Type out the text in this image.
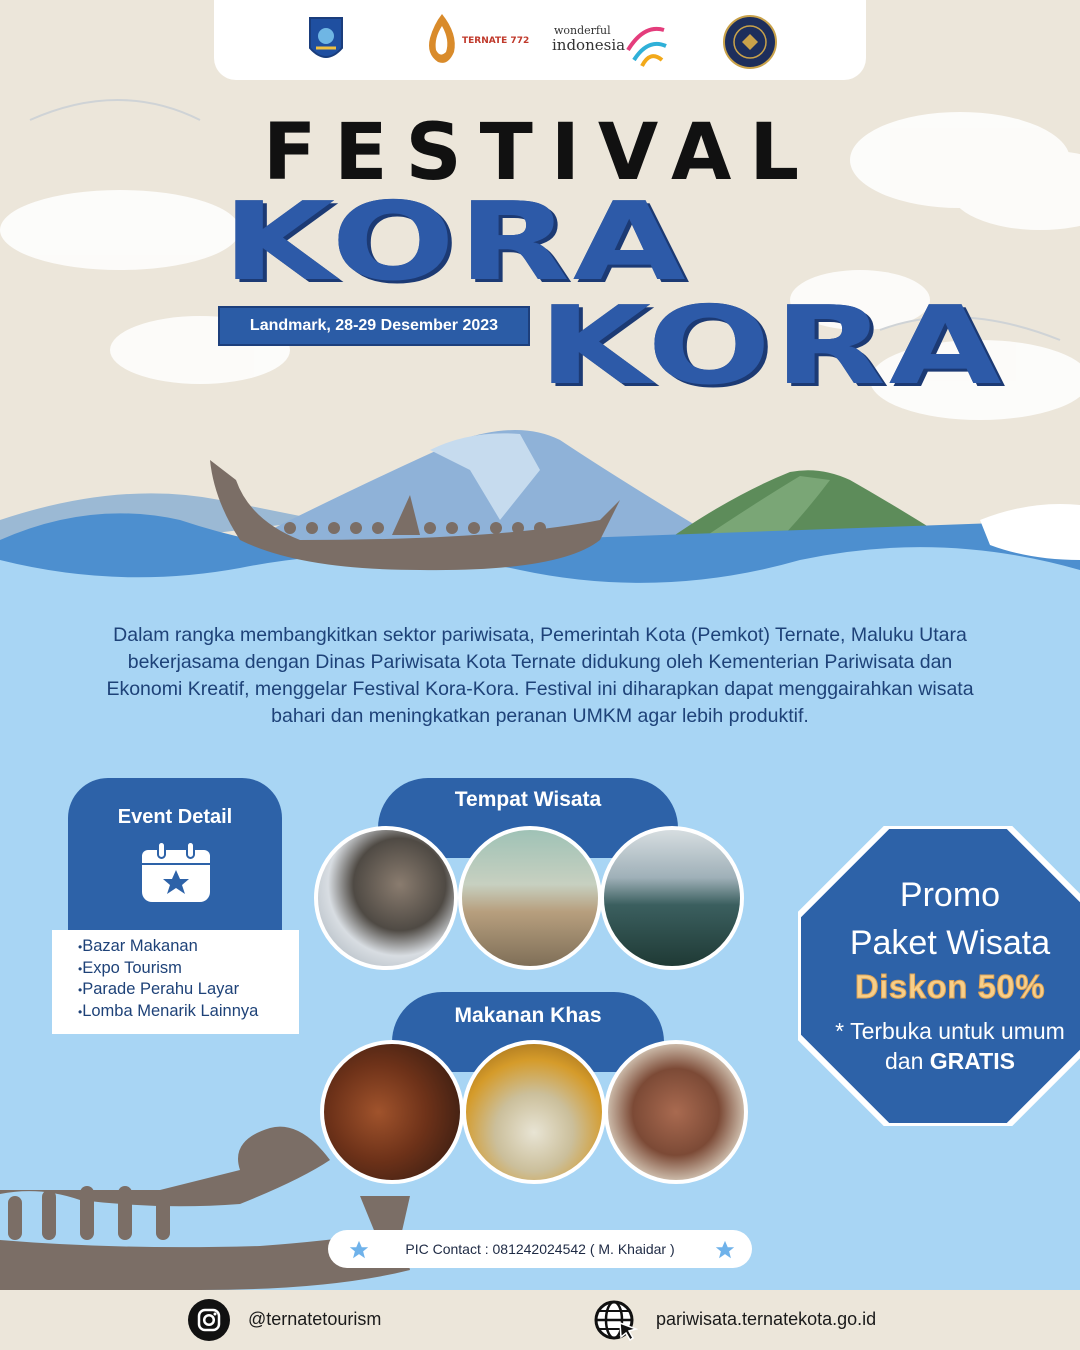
TERNATE 772
wonderful
indonesia
FESTIVAL
KORA
KORA
Landmark, 28-29 Desember 2023

Dalam rangka membangkitkan sektor pariwisata, Pemerintah Kota (Pemkot) Ternate, Maluku Utara bekerjasama dengan Dinas Pariwisata Kota Ternate didukung oleh Kementerian Pariwisata dan Ekonomi Kreatif, menggelar Festival Kora-Kora. Festival ini diharapkan dapat menggairahkan wisata bahari dan meningkatkan peranan UMKM agar lebih produktif.

Event Detail
• Bazar Makanan
• Expo Tourism
• Parade Perahu Layar
• Lomba Menarik Lainnya
Tempat Wisata
Makanan Khas
Promo
Paket Wisata
Diskon 50%
* Terbuka untuk umum
dan GRATIS
PIC Contact : 081242024542 ( M. Khaidar )
@ternatetourism	pariwisata.ternatekota.go.id
